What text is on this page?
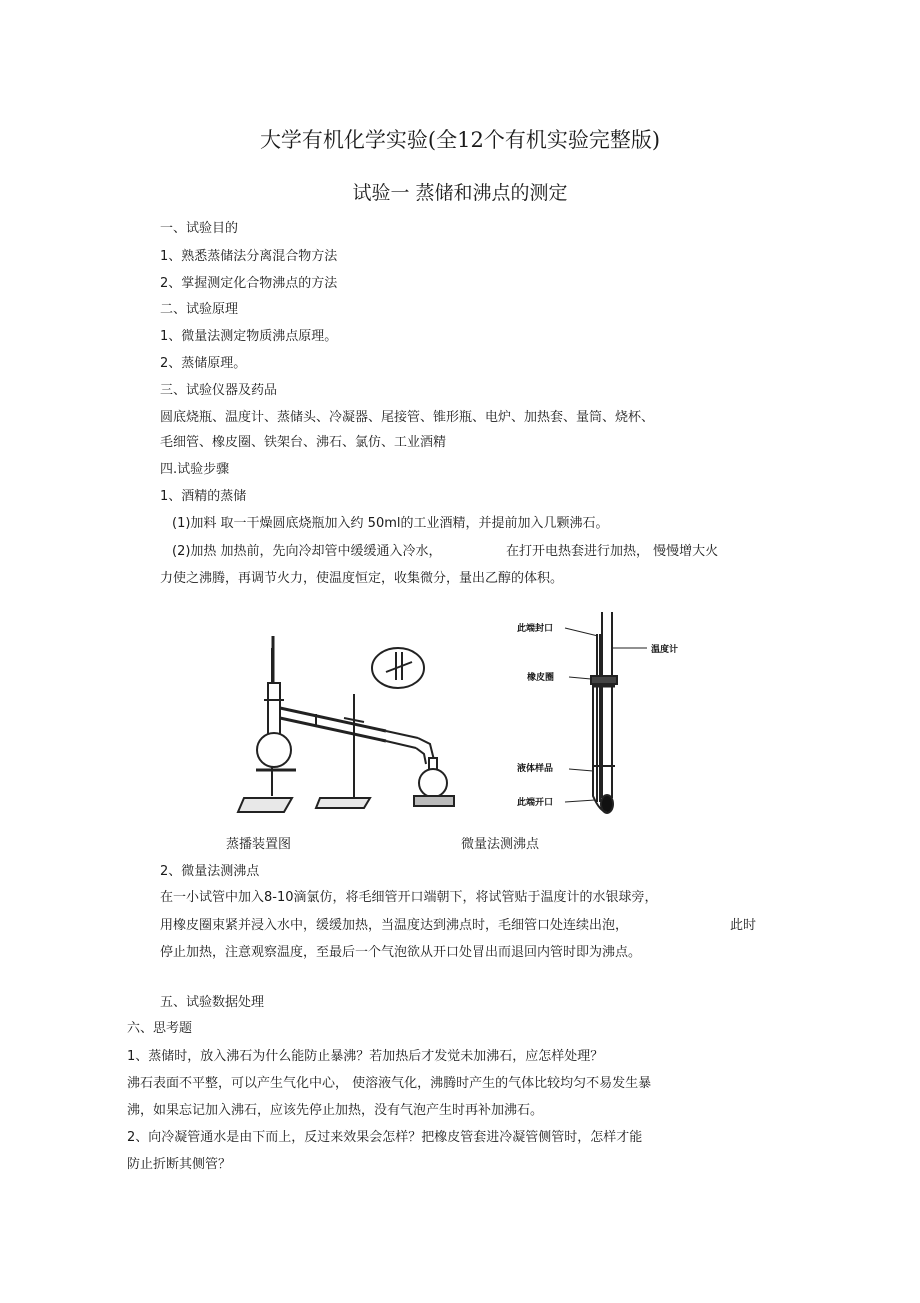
大学有机化学实验(全12个有机实验完整版)
试验一 蒸储和沸点的测定
一、试验目的
1、熟悉蒸储法分离混合物方法
2、掌握测定化合物沸点的方法
二、试验原理
1、微量法测定物质沸点原理。
2、蒸储原理。
三、试验仪器及药品
圆底烧瓶、温度计、蒸储头、冷凝器、尾接管、锥形瓶、电炉、加热套、量筒、烧杯、
毛细管、橡皮圈、铁架台、沸石、氯仿、工业酒精
四.试验步骤
1、酒精的蒸储
(1)加料 取一干燥圆底烧瓶加入约 50ml的工业酒精，并提前加入几颗沸石。
(2)加热 加热前，先向冷却管中缓缓通入冷水，	在打开电热套进行加热， 慢慢增大火
力使之沸腾，再调节火力，使温度恒定，收集微分，量出乙醇的体积。
此端封口
温度计
橡皮圈
液体样品
此端开口
蒸播装置图	微量法测沸点
2、微量法测沸点
在一小试管中加入8-10滴氯仿，将毛细管开口端朝下，将试管贴于温度计的水银球旁，
用橡皮圈束紧并浸入水中，缓缓加热，当温度达到沸点时，毛细管口处连续出泡，	此时
停止加热，注意观察温度，至最后一个气泡欲从开口处冒出而退回内管时即为沸点。
五、试验数据处理
六、思考题
1、蒸储时，放入沸石为什么能防止暴沸？若加热后才发觉未加沸石，应怎样处理？
沸石表面不平整，可以产生气化中心， 使溶液气化，沸腾时产生的气体比较均匀不易发生暴
沸，如果忘记加入沸石，应该先停止加热，没有气泡产生时再补加沸石。
2、向冷凝管通水是由下而上，反过来效果会怎样？把橡皮管套进冷凝管侧管时，怎样才能
防止折断其侧管？
